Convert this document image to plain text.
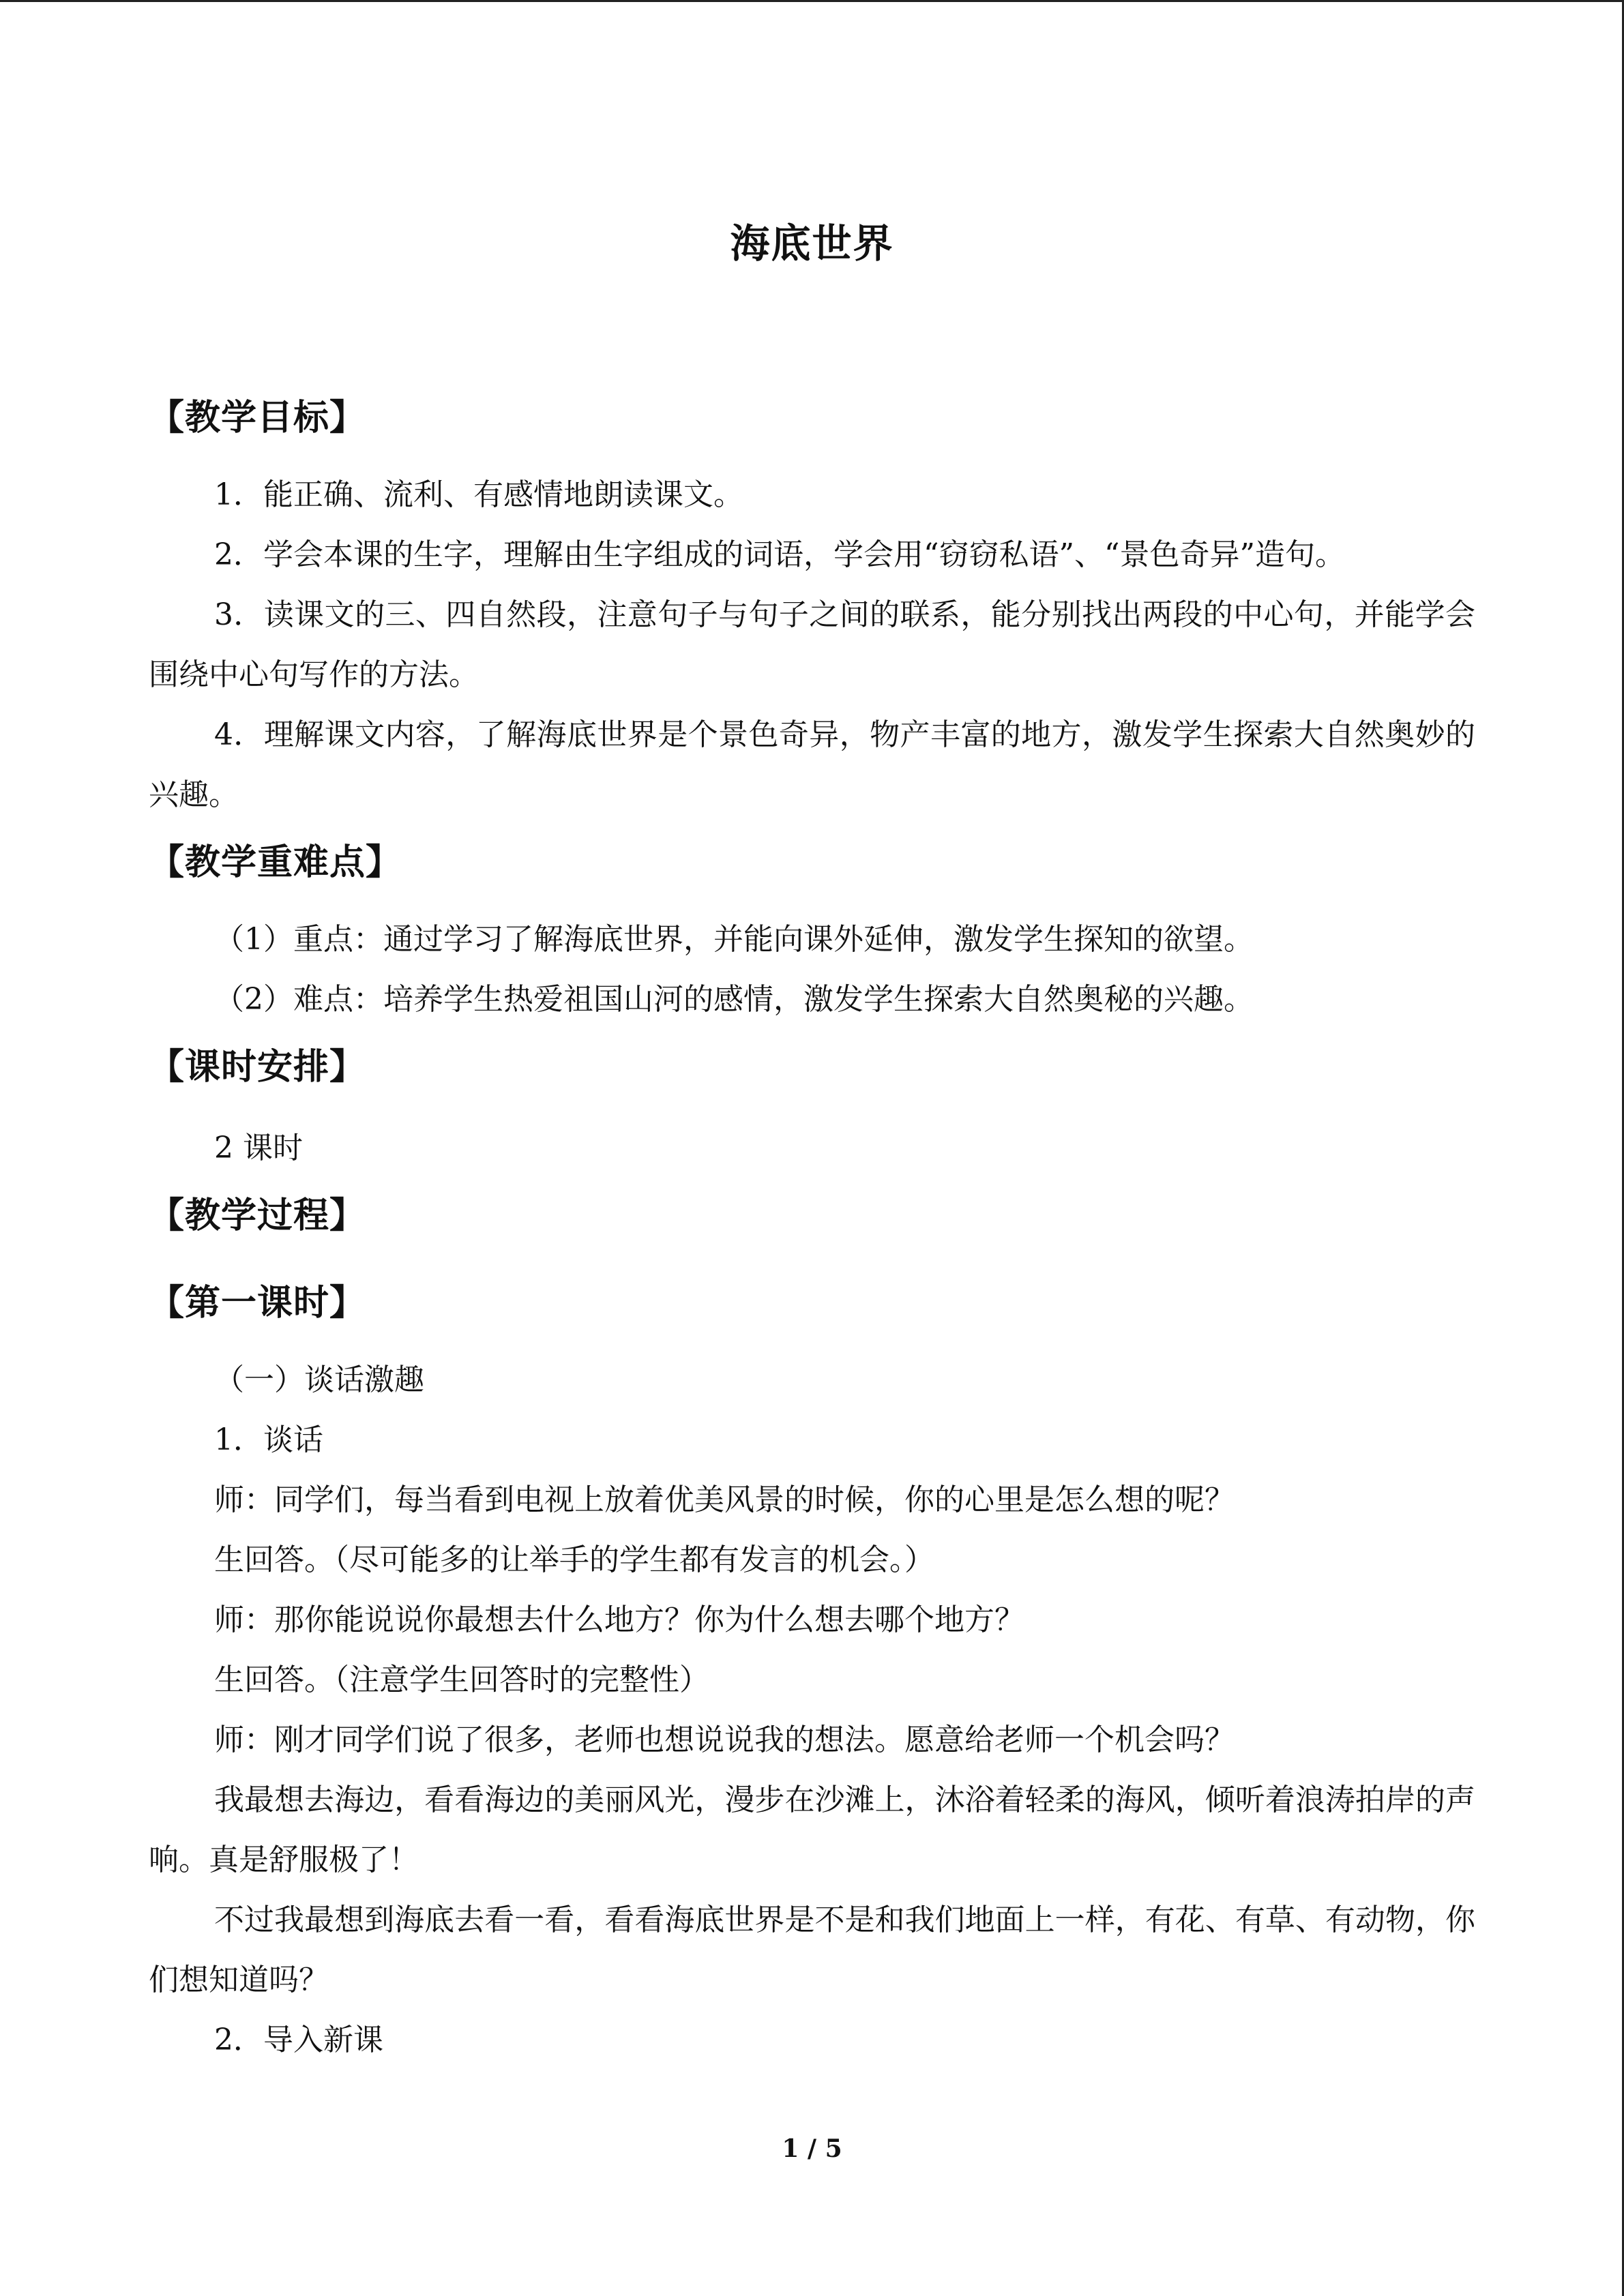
海底世界
【教学目标】
1．能正确、流利、有感情地朗读课文。
2．学会本课的生字，理解由生字组成的词语，学会用“窃窃私语”、“景色奇异”造句。
3．读课文的三、四自然段，注意句子与句子之间的联系，能分别找出两段的中心句，并能学会围绕中心句写作的方法。
4．理解课文内容，了解海底世界是个景色奇异，物产丰富的地方，激发学生探索大自然奥妙的兴趣。
【教学重难点】
（1）重点：通过学习了解海底世界，并能向课外延伸，激发学生探知的欲望。
（2）难点：培养学生热爱祖国山河的感情，激发学生探索大自然奥秘的兴趣。
【课时安排】
2 课时
【教学过程】
【第一课时】
（一）谈话激趣
1．谈话
师：同学们，每当看到电视上放着优美风景的时候，你的心里是怎么想的呢？
生回答。（尽可能多的让举手的学生都有发言的机会。）
师：那你能说说你最想去什么地方？你为什么想去哪个地方？
生回答。（注意学生回答时的完整性）
师：刚才同学们说了很多，老师也想说说我的想法。愿意给老师一个机会吗？
我最想去海边，看看海边的美丽风光，漫步在沙滩上，沐浴着轻柔的海风，倾听着浪涛拍岸的声响。真是舒服极了！
不过我最想到海底去看一看，看看海底世界是不是和我们地面上一样，有花、有草、有动物，你们想知道吗？
2．导入新课
1 / 5
